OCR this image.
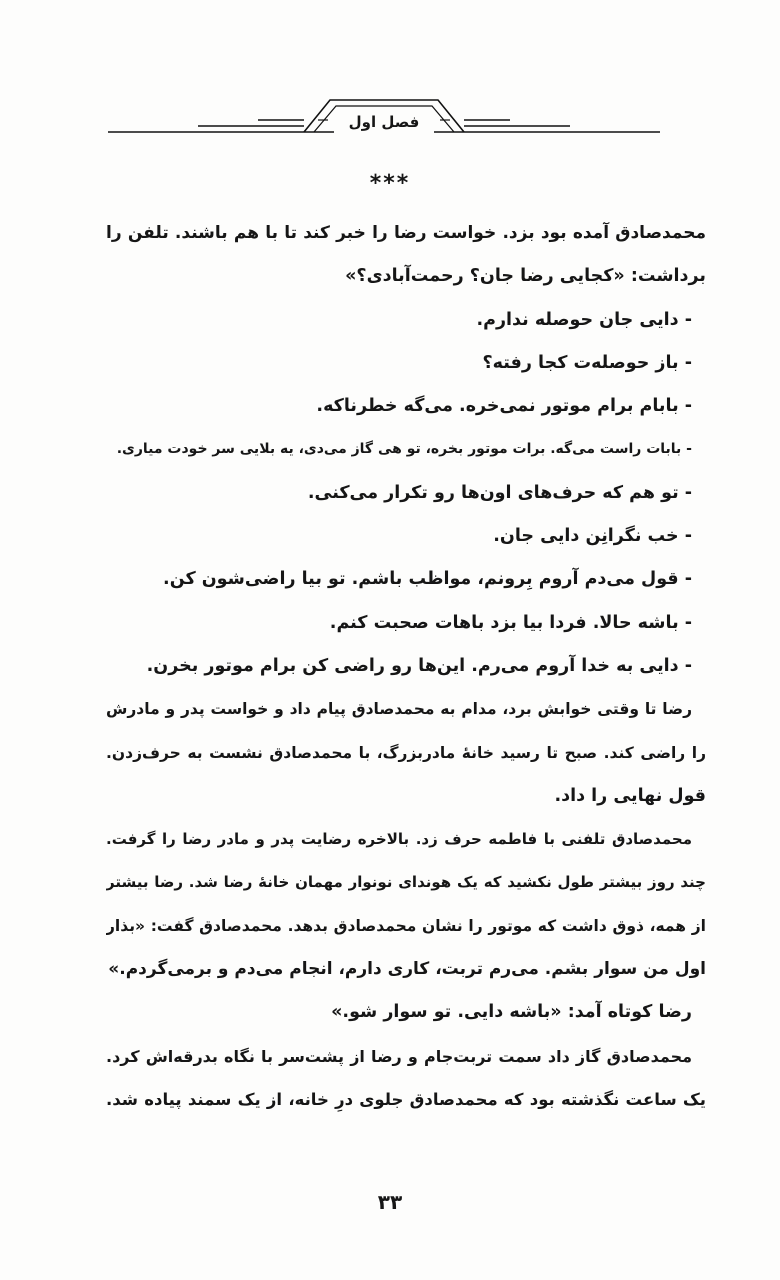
فصل اول
***
محمدصادق آمده بود بزد. خواست رضا را خبر کند تا با هم باشند. تلفن را
برداشت: «کجایی رضا جان؟ رحمت‌آبادی؟»
- دایی جان حوصله ندارم.
- باز حوصله‌ت کجا رفته؟
- بابام برام موتور نمی‌خره. می‌گه خطرناکه.
- بابات راست می‌گه. برات موتور بخره، تو هی گاز می‌دی، یه بلایی سر خودت میاری.
- تو هم که حرف‌های اون‌ها رو تکرار می‌کنی.
- خب نگرانِن دایی جان.
- قول می‌دم آروم بِرونم، مواظب باشم. تو بیا راضی‌شون کن.
- باشه حالا. فردا بیا بزد باهات صحبت کنم.
- دایی به خدا آروم می‌رم. این‌ها رو راضی کن برام موتور بخرن.
رضا تا وقتی خوابش برد، مدام به محمدصادق پیام داد و خواست پدر و مادرش
را راضی کند. صبح تا رسید خانهٔ مادربزرگ، با محمدصادق نشست به حرف‌زدن.
قول نهایی را داد.
محمدصادق تلفنی با فاطمه حرف زد. بالاخره رضایت پدر و مادر رضا را گرفت.
چند روز بیشتر طول نکشید که یک هوندای نونوار مهمان خانهٔ رضا شد. رضا بیشتر
از همه، ذوق داشت که موتور را نشان محمدصادق بدهد. محمدصادق گفت: «بذار
اول من سوار بشم. می‌رم تربت، کاری دارم، انجام می‌دم و برمی‌گردم.»
رضا کوتاه آمد: «باشه دایی. تو سوار شو.»
محمدصادق گاز داد سمت تربت‌جام و رضا از پشت‌سر با نگاه بدرقه‌اش کرد.
یک ساعت نگذشته بود که محمدصادق جلوی درِ خانه، از یک سمند پیاده شد.
۳۳
